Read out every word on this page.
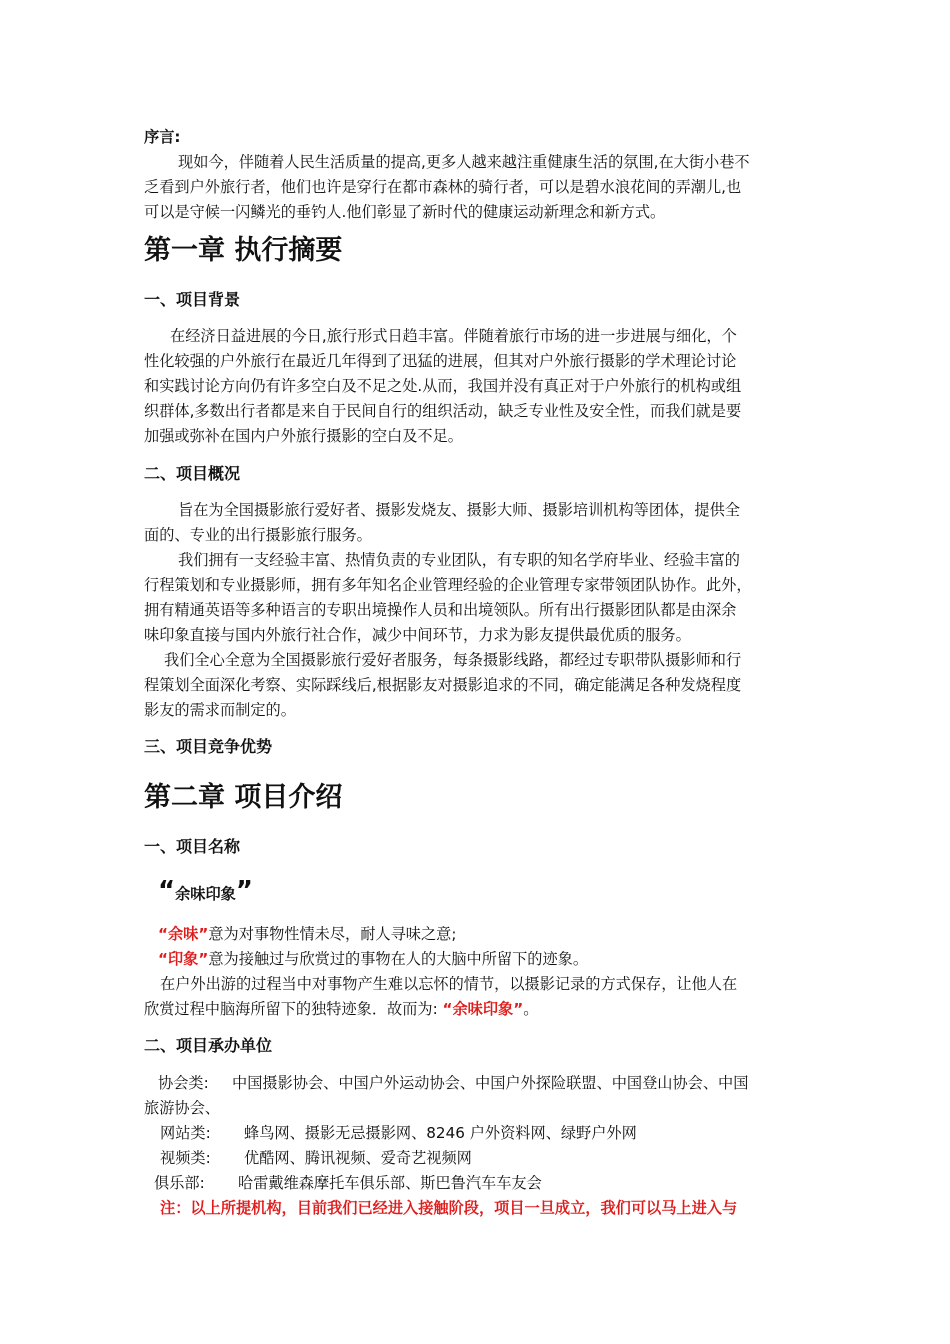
序言:
现如今，伴随着人民生活质量的提高,更多人越来越注重健康生活的氛围,在大街小巷不
乏看到户外旅行者，他们也许是穿行在都市森林的骑行者，可以是碧水浪花间的弄潮儿,也
可以是守候一闪鳞光的垂钓人.他们彰显了新时代的健康运动新理念和新方式。
第一章 执行摘要
一、项目背景
在经济日益进展的今日,旅行形式日趋丰富。伴随着旅行市场的进一步进展与细化，个
性化较强的户外旅行在最近几年得到了迅猛的进展，但其对户外旅行摄影的学术理论讨论
和实践讨论方向仍有许多空白及不足之处.从而，我国并没有真正对于户外旅行的机构或组
织群体,多数出行者都是来自于民间自行的组织活动，缺乏专业性及安全性，而我们就是要
加强或弥补在国内户外旅行摄影的空白及不足。
二、项目概况
旨在为全国摄影旅行爱好者、摄影发烧友、摄影大师、摄影培训机构等团体，提供全
面的、专业的出行摄影旅行服务。
我们拥有一支经验丰富、热情负责的专业团队，有专职的知名学府毕业、经验丰富的
行程策划和专业摄影师，拥有多年知名企业管理经验的企业管理专家带领团队协作。此外，
拥有精通英语等多种语言的专职出境操作人员和出境领队。所有出行摄影团队都是由深余
味印象直接与国内外旅行社合作，减少中间环节，力求为影友提供最优质的服务。
我们全心全意为全国摄影旅行爱好者服务，每条摄影线路，都经过专职带队摄影师和行
程策划全面深化考察、实际踩线后,根据影友对摄影追求的不同，确定能满足各种发烧程度
影友的需求而制定的。
三、项目竞争优势
第二章 项目介绍
一、项目名称
“余味印象”
“余味”意为对事物性情未尽，耐人寻味之意;
“印象”意为接触过与欣赏过的事物在人的大脑中所留下的迹象。
在户外出游的过程当中对事物产生难以忘怀的情节，以摄影记录的方式保存，让他人在
欣赏过程中脑海所留下的独特迹象．故而为: “余味印象”。
二、项目承办单位
协会类: 中国摄影协会、中国户外运动协会、中国户外探险联盟、中国登山协会、中国
旅游协会、
网站类: 蜂鸟网、摄影无忌摄影网、8246 户外资料网、绿野户外网
视频类: 优酷网、腾讯视频、爱奇艺视频网
俱乐部: 哈雷戴维森摩托车俱乐部、斯巴鲁汽车车友会
注：以上所提机构，目前我们已经进入接触阶段，项目一旦成立，我们可以马上进入与
